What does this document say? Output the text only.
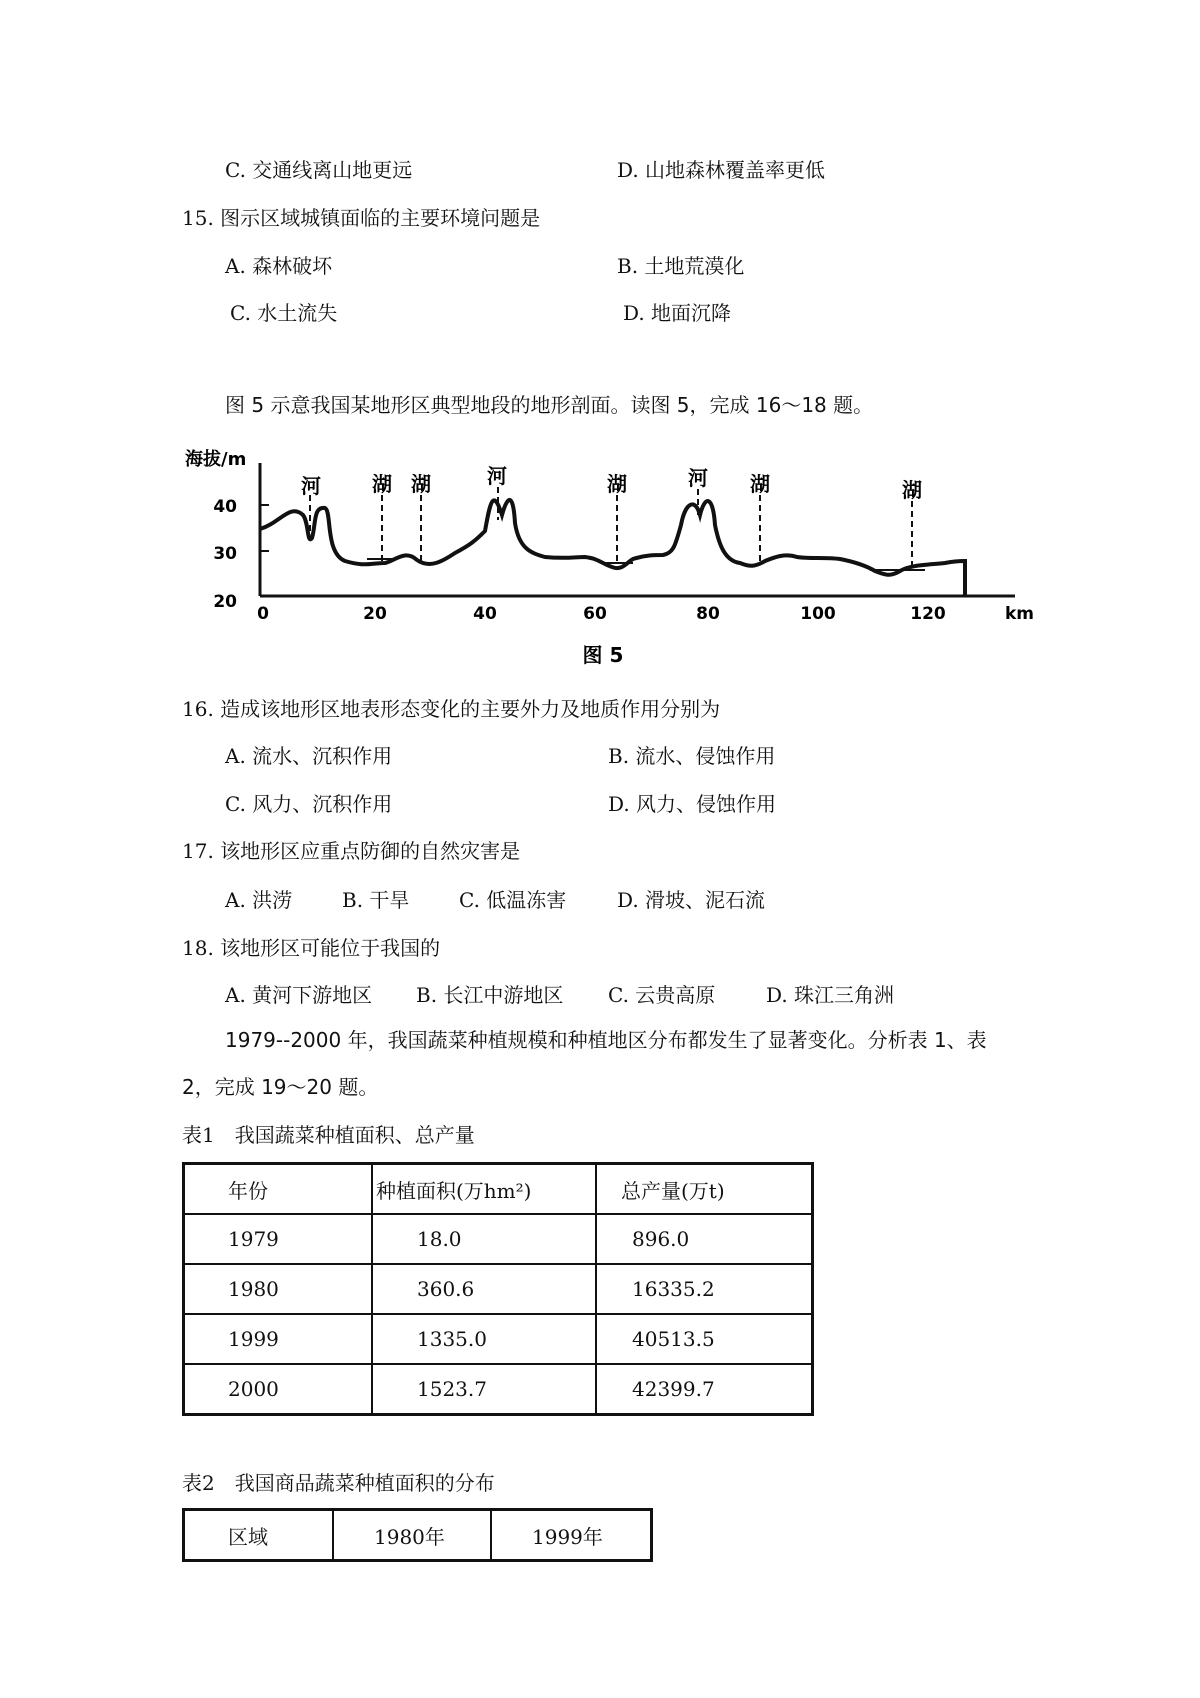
C. 交通线离山地更远	D. 山地森林覆盖率更低
15. 图示区域城镇面临的主要环境问题是
A. 森林破坏	B. 土地荒漠化
C. 水土流失	D. 地面沉降
图 5 示意我国某地形区典型地段的地形剖面。读图 5，完成 16～18 题。
海拔/m
40
30
20
0	20	40	60	80	100	120	km
河	湖 湖	河	湖	河 湖	湖
图 5
16. 造成该地形区地表形态变化的主要外力及地质作用分别为
A. 流水、沉积作用	B. 流水、侵蚀作用
C. 风力、沉积作用	D. 风力、侵蚀作用
17. 该地形区应重点防御的自然灾害是
A. 洪涝 B. 干旱 C. 低温冻害	D. 滑坡、泥石流
18. 该地形区可能位于我国的
A. 黄河下游地区 B. 长江中游地区 C. 云贵高原	D. 珠江三角洲
1979--2000 年，我国蔬菜种植规模和种植地区分布都发生了显著变化。分析表 1、表
2，完成 19～20 题。
表1　我国蔬菜种植面积、总产量
年份	种植面积(万hm²)	总产量(万t)
1979	18.0	896.0
1980	360.6	16335.2
1999	1335.0	40513.5
2000	1523.7	42399.7
表2　我国商品蔬菜种植面积的分布
区域	1980年	1999年
